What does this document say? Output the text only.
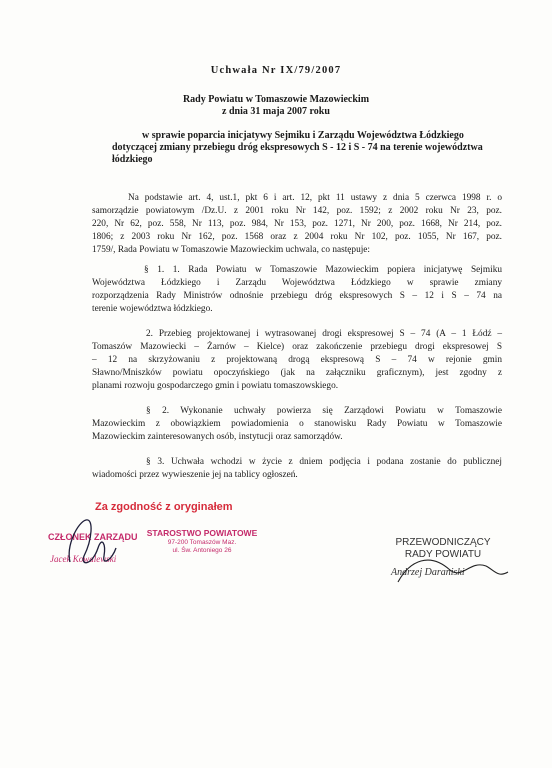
Uchwała Nr IX/79/2007
Rady Powiatu w Tomaszowie Mazowieckim
z dnia 31 maja 2007 roku
w sprawie poparcia inicjatywy Sejmiku i Zarządu Województwa Łódzkiego
dotyczącej zmiany przebiegu dróg ekspresowych S - 12 i S - 74 na terenie województwa
łódzkiego
Na podstawie art. 4, ust.1, pkt 6 i art. 12, pkt 11 ustawy z dnia 5 czerwca 1998 r. o
samorządzie powiatowym /Dz.U. z 2001 roku Nr 142, poz. 1592; z 2002 roku Nr 23, poz.
220, Nr 62, poz. 558, Nr 113, poz. 984, Nr 153, poz. 1271, Nr 200, poz. 1668, Nr 214, poz.
1806; z 2003 roku Nr 162, poz. 1568 oraz z 2004 roku Nr 102, poz. 1055, Nr 167, poz.
1759/, Rada Powiatu w Tomaszowie Mazowieckim uchwala, co następuje:
§ 1. 1. Rada Powiatu w Tomaszowie Mazowieckim popiera inicjatywę Sejmiku
Województwa Łódzkiego i Zarządu Województwa Łódzkiego w sprawie zmiany
rozporządzenia Rady Ministrów odnośnie przebiegu dróg ekspresowych S – 12 i S – 74 na
terenie województwa łódzkiego.
2. Przebieg projektowanej i wytrasowanej drogi ekspresowej S – 74 (A – 1 Łódź –
Tomaszów Mazowiecki – Żarnów – Kielce) oraz zakończenie przebiegu drogi ekspresowej S
– 12 na skrzyżowaniu z projektowaną drogą ekspresową S – 74 w rejonie gmin
Sławno/Mniszków powiatu opoczyńskiego (jak na załączniku graficznym), jest zgodny z
planami rozwoju gospodarczego gmin i powiatu tomaszowskiego.
§ 2. Wykonanie uchwały powierza się Zarządowi Powiatu w Tomaszowie
Mazowieckim z obowiązkiem powiadomienia o stanowisku Rady Powiatu w Tomaszowie
Mazowieckim zainteresowanych osób, instytucji oraz samorządów.
§ 3. Uchwała wchodzi w życie z dniem podjęcia i podana zostanie do publicznej
wiadomości przez wywieszenie jej na tablicy ogłoszeń.
Za zgodność z oryginałem
CZŁONEK ZARZĄDU
Jacek Kowalewski
STAROSTWO POWIATOWE
97-200 Tomaszów Maz.
ul. Św. Antoniego 26
PRZEWODNICZĄCY
RADY POWIATU
Andrzej Daraniski
